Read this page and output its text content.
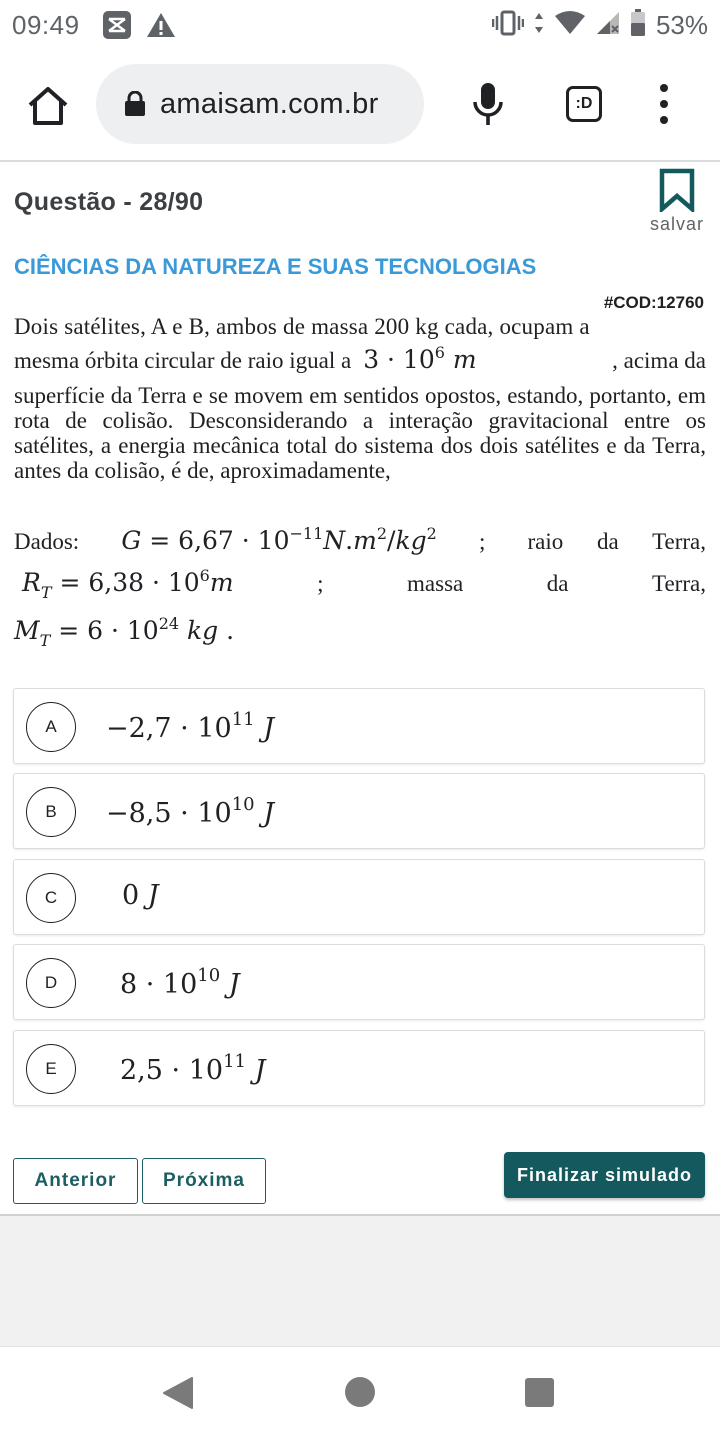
09:49	53%
amaisam.com.br	:D
Questão - 28/90
salvar
CIÊNCIAS DA NATUREZA E SUAS TECNOLOGIAS
#COD:12760
Dois satélites, A e B, ambos de massa 200 kg cada, ocupam a
mesma órbita circular de raio igual a $3 \cdot 10^6$ m	, acima da
superfície da Terra e se movem em sentidos opostos, estando, portanto, em rota de colisão. Desconsiderando a interação gravitacional entre os satélites, a energia mecânica total do sistema dos dois satélites e da Terra, antes da colisão, é de, aproximadamente,
Dados: $G = 6,67 \cdot 10^{-11}N.m^2/kg^2$ ; raio da Terra,
$R_T = 6,38 \cdot 10^6m$	;	massa	da	Terra,
$M_T = 6 \cdot 10^{24}$ kg .
A	$-2,7 \cdot 10^{11}$ J
B	$-8,5 \cdot 10^{10}$ J
C	0 J
D	$8 \cdot 10^{10}$ J
E	$2,5 \cdot 10^{11}$ J
Anterior	Próxima	Finalizar simulado
